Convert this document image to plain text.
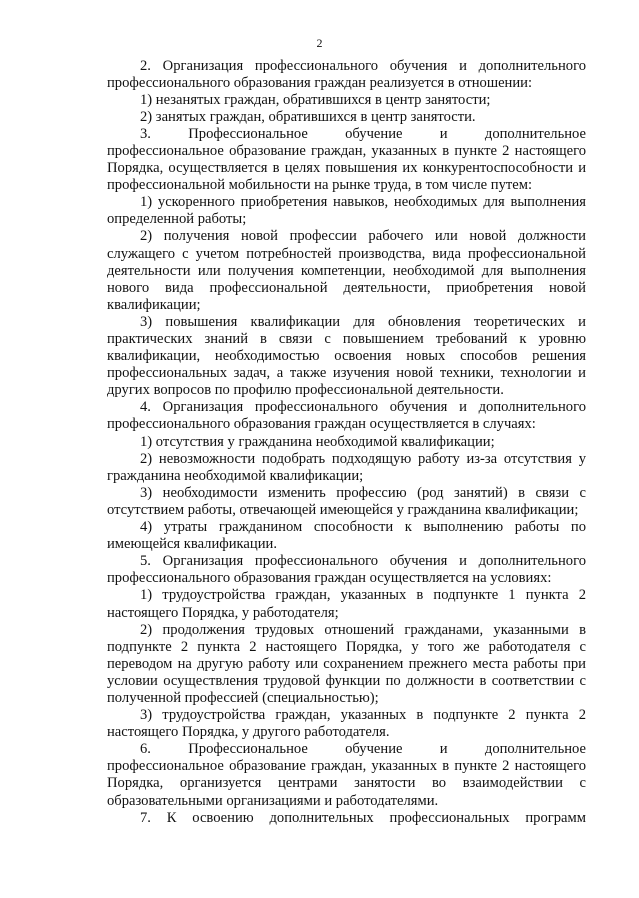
2

2. Организация профессионального обучения и дополнительного профессионального образования граждан реализуется в отношении:

1) незанятых граждан, обратившихся в центр занятости;

2) занятых граждан, обратившихся в центр занятости.

3. Профессиональное обучение и дополнительное

профессиональное образование граждан, указанных в пункте 2 настоящего Порядка, осуществляется в целях повышения их конкурентоспособности и профессиональной мобильности на рынке труда, в том числе путем:

1) ускоренного приобретения навыков, необходимых для выполнения определенной работы;

2) получения новой профессии рабочего или новой должности служащего с учетом потребностей производства, вида профессиональной деятельности или получения компетенции, необходимой для выполнения нового вида профессиональной деятельности, приобретения новой квалификации;

3) повышения квалификации для обновления теоретических и практических знаний в связи с повышением требований к уровню квалификации, необходимостью освоения новых способов решения профессиональных задач, а также изучения новой техники, технологии и других вопросов по профилю профессиональной деятельности.

4. Организация профессионального обучения и дополнительного профессионального образования граждан осуществляется в случаях:

1) отсутствия у гражданина необходимой квалификации;

2) невозможности подобрать подходящую работу из-за отсутствия у гражданина необходимой квалификации;

3) необходимости изменить профессию (род занятий) в связи с отсутствием работы, отвечающей имеющейся у гражданина квалификации;

4) утраты гражданином способности к выполнению работы по имеющейся квалификации.

5. Организация профессионального обучения и дополнительного профессионального образования граждан осуществляется на условиях:

1) трудоустройства граждан, указанных в подпункте 1 пункта 2 настоящего Порядка, у работодателя;

2) продолжения трудовых отношений гражданами, указанными в подпункте 2 пункта 2 настоящего Порядка, у того же работодателя с переводом на другую работу или сохранением прежнего места работы при условии осуществления трудовой функции по должности в соответствии с полученной профессией (специальностью);

3) трудоустройства граждан, указанных в подпункте 2 пункта 2 настоящего Порядка, у другого работодателя.

6. Профессиональное обучение и дополнительное

профессиональное образование граждан, указанных в пункте 2 настоящего Порядка, организуется центрами занятости во взаимодействии с образовательными организациями и работодателями.

7. К освоению дополнительных профессиональных программ
